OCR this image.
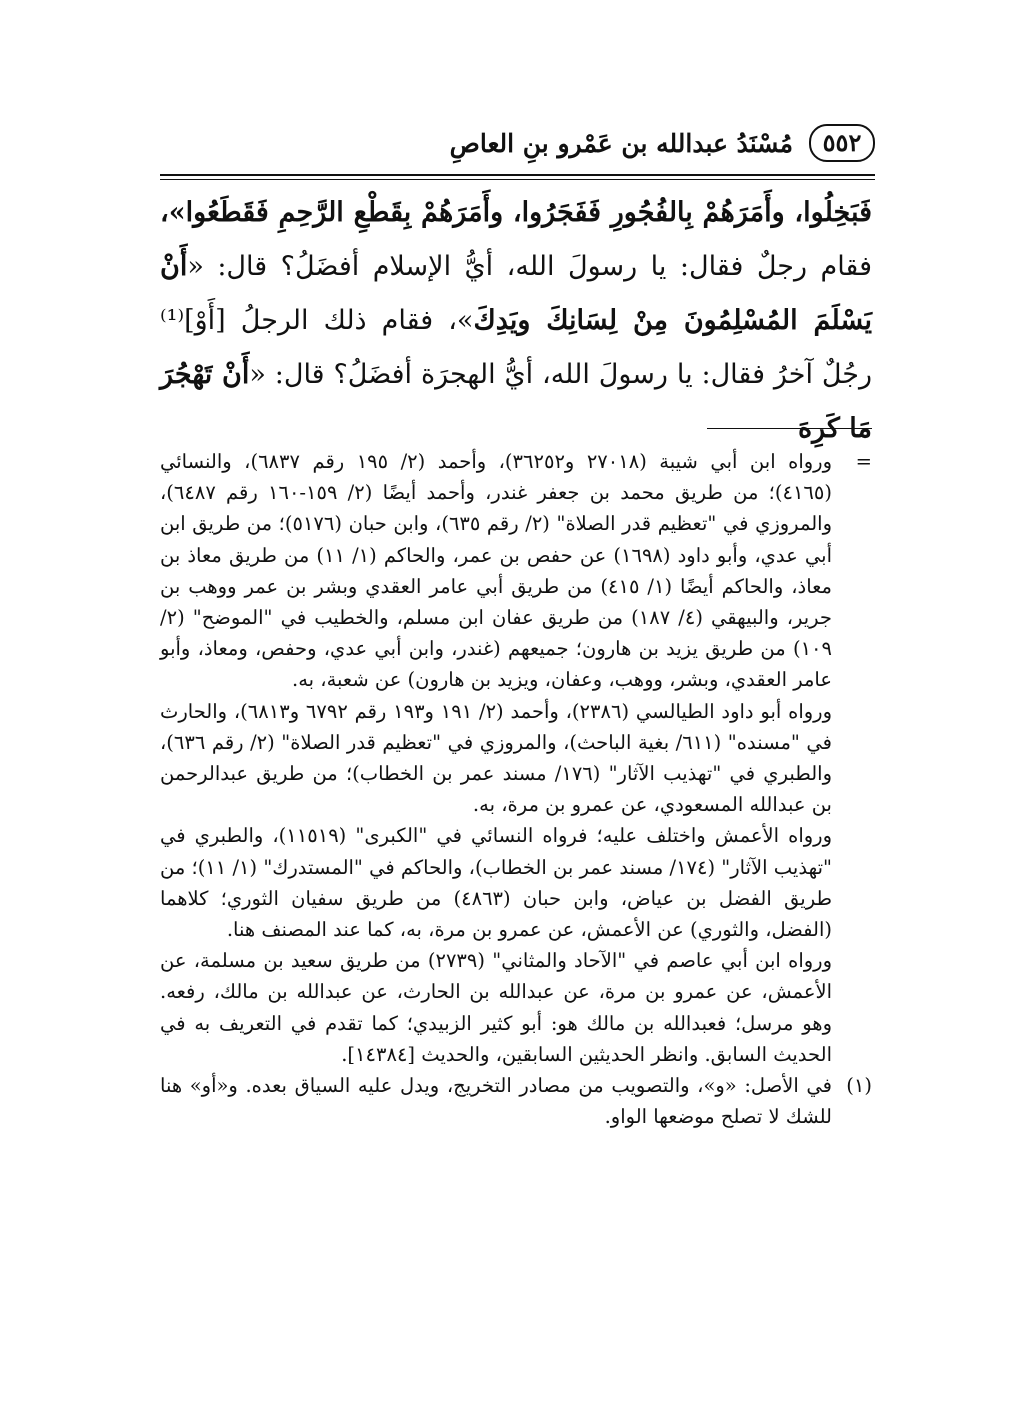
٥٥٢
مُسْنَدُ عبدالله بن عَمْرو بنِ العاصِ
فَبَخِلُوا، وأَمَرَهُمْ بِالفُجُورِ فَفَجَرُوا، وأَمَرَهُمْ بِقَطْعِ الرَّحِمِ فَقَطَعُوا»، فقام رجلٌ فقال: يا رسولَ الله، أيُّ الإسلام أفضَلُ؟ قال: «أَنْ يَسْلَمَ المُسْلِمُونَ مِنْ لِسَانِكَ ويَدِكَ»، فقام ذلك الرجلُ [أَوْ]⁽¹⁾ رجُلٌ آخرُ فقال: يا رسولَ الله، أيُّ الهجرَة أفضَلُ؟ قال: «أَنْ تَهْجُرَ مَا كَرِهَ
=

ورواه ابن أبي شيبة (٢٧٠١٨ و٣٦٢٥٢)، وأحمد (٢/ ١٩٥ رقم ٦٨٣٧)، والنسائي (٤١٦٥)؛ من طريق محمد بن جعفر غندر، وأحمد أيضًا (٢/ ١٥٩-١٦٠ رقم ٦٤٨٧)، والمروزي في "تعظيم قدر الصلاة" (٢/ رقم ٦٣٥)، وابن حبان (٥١٧٦)؛ من طريق ابن أبي عدي، وأبو داود (١٦٩٨) عن حفص بن عمر، والحاكم (١/ ١١) من طريق معاذ بن معاذ، والحاكم أيضًا (١/ ٤١٥) من طريق أبي عامر العقدي وبشر بن عمر ووهب بن جرير، والبيهقي (٤/ ١٨٧) من طريق عفان ابن مسلم، والخطيب في "الموضح" (٢/ ١٠٩) من طريق يزيد بن هارون؛ جميعهم (غندر، وابن أبي عدي، وحفص، ومعاذ، وأبو عامر العقدي، وبشر، ووهب، وعفان، ويزيد بن هارون) عن شعبة، به.

ورواه أبو داود الطيالسي (٢٣٨٦)، وأحمد (٢/ ١٩١ و١٩٣ رقم ٦٧٩٢ و٦٨١٣)، والحارث في "مسنده" (٦١١/ بغية الباحث)، والمروزي في "تعظيم قدر الصلاة" (٢/ رقم ٦٣٦)، والطبري في "تهذيب الآثار" (١٧٦/ مسند عمر بن الخطاب)؛ من طريق عبدالرحمن بن عبدالله المسعودي، عن عمرو بن مرة، به.

ورواه الأعمش واختلف عليه؛ فرواه النسائي في "الكبرى" (١١٥١٩)، والطبري في "تهذيب الآثار" (١٧٤/ مسند عمر بن الخطاب)، والحاكم في "المستدرك" (١/ ١١)؛ من طريق الفضل بن عياض، وابن حبان (٤٨٦٣) من طريق سفيان الثوري؛ كلاهما (الفضل، والثوري) عن الأعمش، عن عمرو بن مرة، به، كما عند المصنف هنا.

ورواه ابن أبي عاصم في "الآحاد والمثاني" (٢٧٣٩) من طريق سعيد بن مسلمة، عن الأعمش، عن عمرو بن مرة، عن عبدالله بن الحارث، عن عبدالله بن مالك، رفعه. وهو مرسل؛ فعبدالله بن مالك هو: أبو كثير الزبيدي؛ كما تقدم في التعريف به في الحديث السابق. وانظر الحديثين السابقين، والحديث [١٤٣٨٤].

(١)

في الأصل: «و»، والتصويب من مصادر التخريج، ويدل عليه السياق بعده. و«أو» هنا للشك لا تصلح موضعها الواو.
